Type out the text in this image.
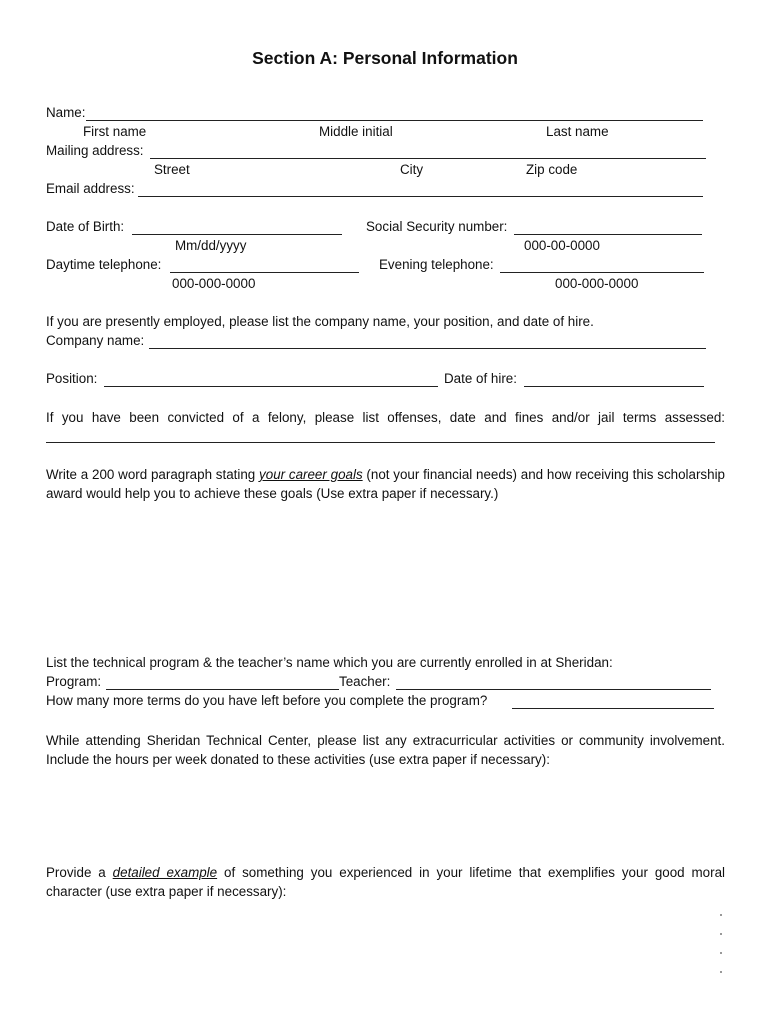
Section A: Personal Information
Name:
First name	Middle initial	Last name
Mailing address:
Street	City	Zip code
Email address:
Date of Birth:	Social Security number:
Mm/dd/yyyy	000-00-0000
Daytime telephone:	Evening telephone:
000-000-0000	000-000-0000
If you are presently employed, please list the company name, your position, and date of hire.
Company name:
Position:	Date of hire:
If you have been convicted of a felony, please list offenses, date and fines and/or jail terms assessed:
Write a 200 word paragraph stating your career goals (not your financial needs) and how receiving this scholarship award would help you to achieve these goals (Use extra paper if necessary.)
List the technical program & the teacher’s name which you are currently enrolled in at Sheridan:
Program:	Teacher:
How many more terms do you have left before you complete the program?
While attending Sheridan Technical Center, please list any extracurricular activities or community involvement. Include the hours per week donated to these activities (use extra paper if necessary):
Provide a detailed example of something you experienced in your lifetime that exemplifies your good moral character (use extra paper if necessary):
